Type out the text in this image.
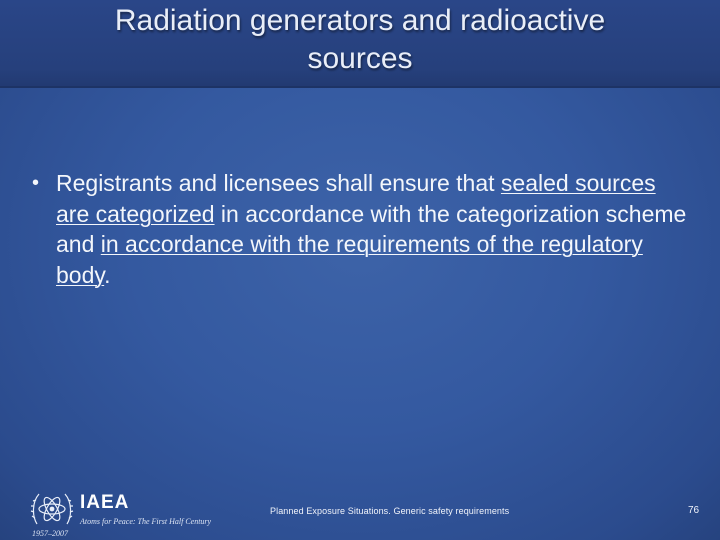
Radiation generators and radioactive
sources
• Registrants and licensees shall ensure that sealed sources are categorized in accordance with the categorization scheme and in accordance with the requirements of the regulatory body.
IAEA
Atoms for Peace: The First Half Century
1957–2007
Planned Exposure Situations. Generic safety requirements	76
